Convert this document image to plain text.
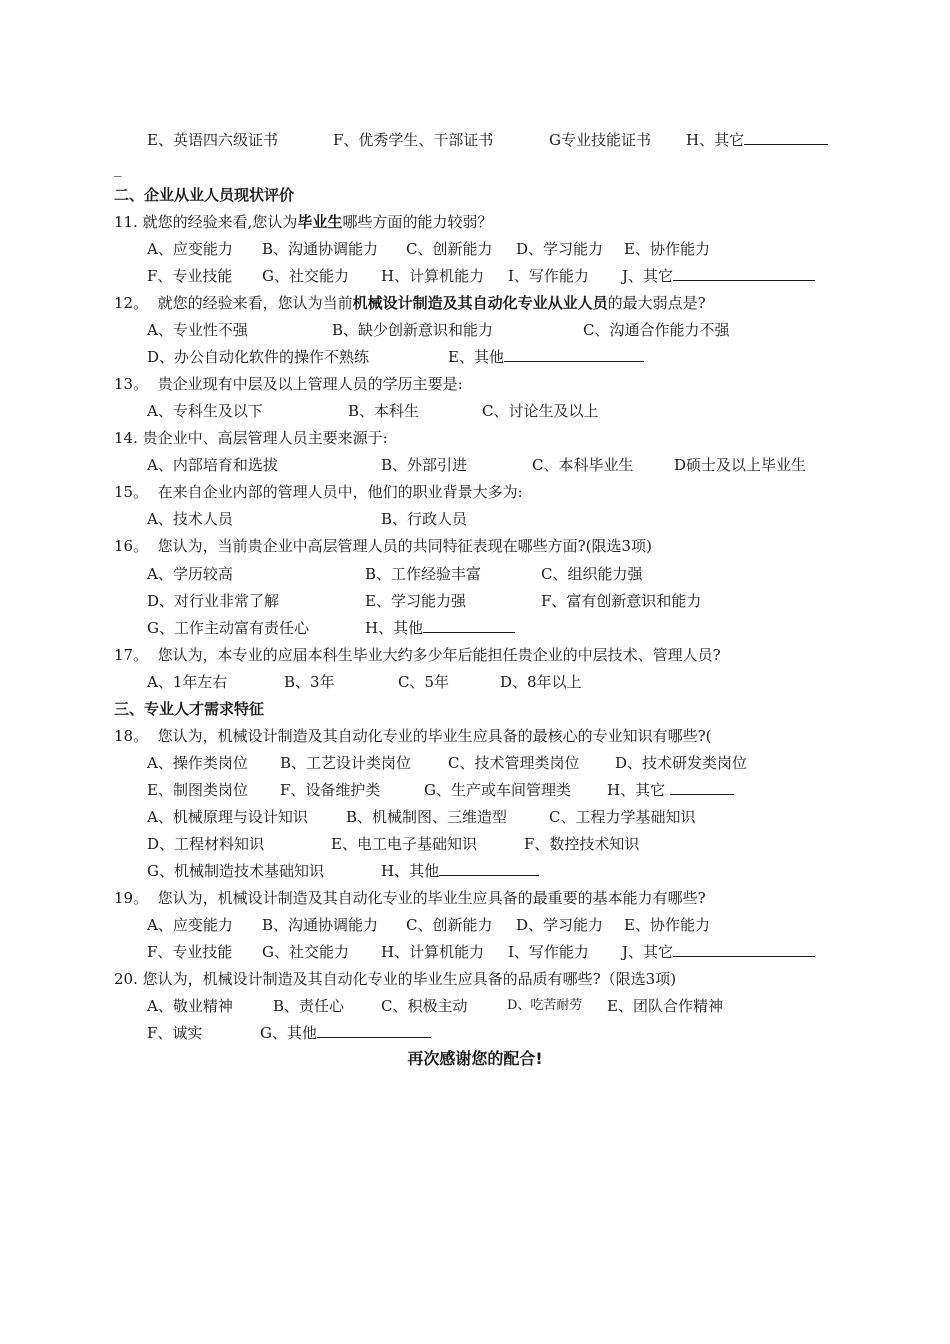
E、英语四六级证书	F、优秀学生、干部证书	G专业技能证书 H、其它
_
二、企业从业人员现状评价
11. 就您的经验来看,您认为毕业生哪些方面的能力较弱？
A、应变能力 B、沟通协调能力 C、创新能力 D、学习能力 E、协作能力
F、专业技能 G、社交能力 H、计算机能力 I、写作能力 J、其它
12。 就您的经验来看，您认为当前机械设计制造及其自动化专业从业人员的最大弱点是?
A、专业性不强	B、缺少创新意识和能力	C、沟通合作能力不强
D、办公自动化软件的操作不熟练	E、其他
13。 贵企业现有中层及以上管理人员的学历主要是:
A、专科生及以下	B、本科生	C、讨论生及以上
14. 贵企业中、高层管理人员主要来源于:
A、内部培育和选拔	B、外部引进	C、本科毕业生	D硕士及以上毕业生
15。 在来自企业内部的管理人员中，他们的职业背景大多为:
A、技术人员	B、行政人员
16。 您认为，当前贵企业中高层管理人员的共同特征表现在哪些方面?(限选3项)
A、学历较高	B、工作经验丰富	C、组织能力强
D、对行业非常了解	E、学习能力强	F、富有创新意识和能力
G、工作主动富有责任心	H、其他
17。 您认为，本专业的应届本科生毕业大约多少年后能担任贵企业的中层技术、管理人员?
A、1年左右	B、3年	C、5年	D、8年以上
三、专业人才需求特征
18。 您认为，机械设计制造及其自动化专业的毕业生应具备的最核心的专业知识有哪些?(
A、操作类岗位 B、工艺设计类岗位 C、技术管理类岗位 D、技术研发类岗位
E、制图类岗位 F、设备维护类	G、生产或车间管理类 H、其它
A、机械原理与设计知识	B、机械制图、三维造型	C、工程力学基础知识
D、工程材料知识	E、电工电子基础知识	F、数控技术知识
G、机械制造技术基础知识	H、其他
19。 您认为，机械设计制造及其自动化专业的毕业生应具备的最重要的基本能力有哪些?
A、应变能力 B、沟通协调能力 C、创新能力 D、学习能力 E、协作能力
F、专业技能 G、社交能力 H、计算机能力 I、写作能力 J、其它
20. 您认为，机械设计制造及其自动化专业的毕业生应具备的品质有哪些?（限选3项)
A、敬业精神	B、责任心 C、积极主动	D、吃苦耐劳 E、团队合作精神
F、诚实	G、其他
再次感谢您的配合!
